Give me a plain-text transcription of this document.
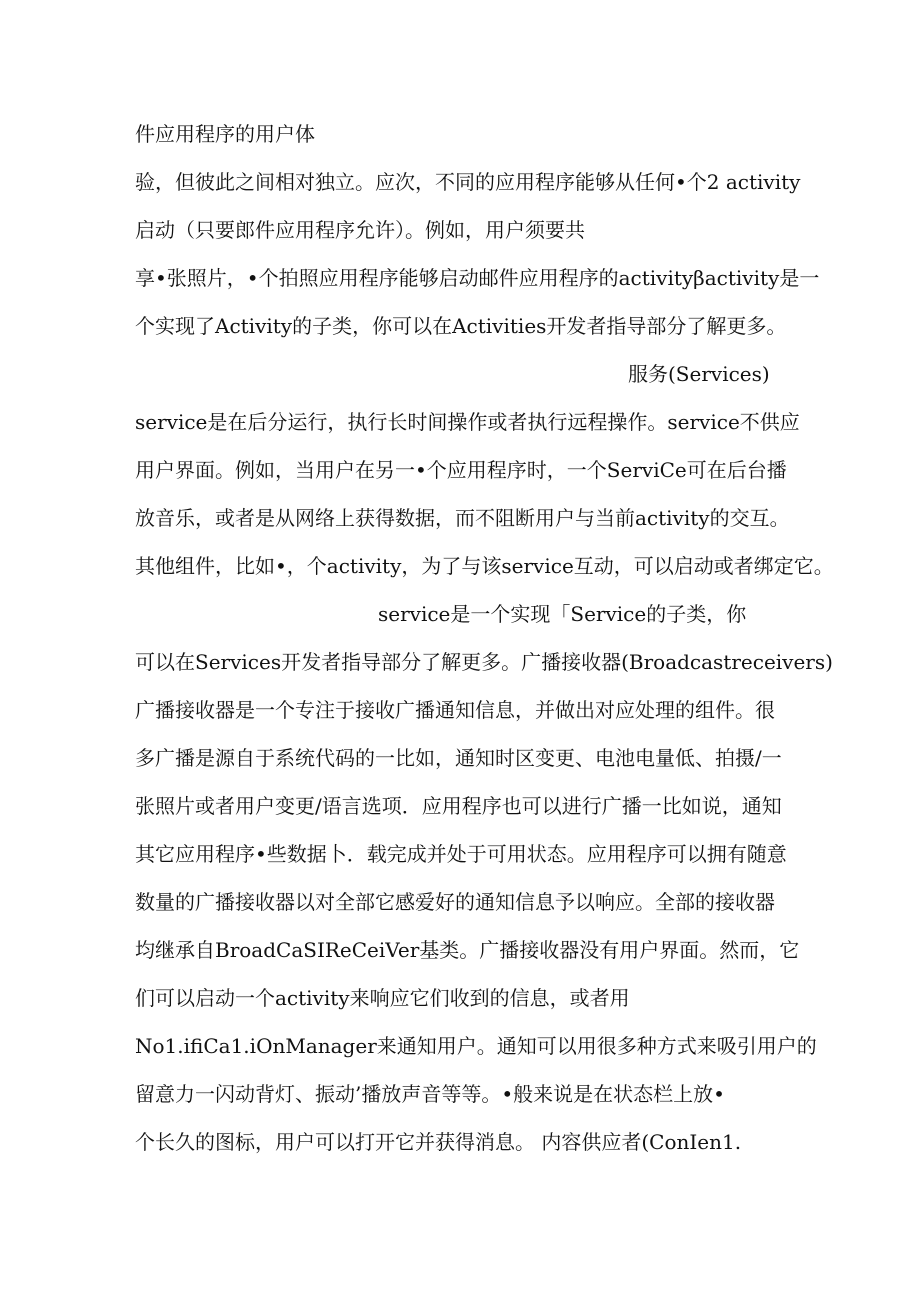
件应用程序的用户体
验，但彼此之间相对独立。应次，不同的应用程序能够从任何•个2 activity
启动（只要郎件应用程序允许）。例如，用户须要共
享•张照片，•个拍照应用程序能够启动邮件应用程序的activityβactivity是一
个实现了Activity的子类，你可以在Activities开发者指导部分了解更多。
服务(Services)
service是在后分运行，执行长时间操作或者执行远程操作。service不供应
用户界面。例如，当用户在另一•个应用程序时，一个ServiCe可在后台播
放音乐，或者是从网络上获得数据，而不阻断用户与当前activity的交互。
其他组件，比如•，个activity，为了与该service互动，可以启动或者绑定它。
service是一个实现「Service的子类，你
可以在Services开发者指导部分了解更多。广播接收器(Broadcastreceivers)
广播接收器是一个专注于接收广播通知信息，并做出对应处理的组件。很
多广播是源自于系统代码的一比如，通知时区变更、电池电量低、拍摄/一
张照片或者用户变更/语言选项．应用程序也可以进行广播一比如说，通知
其它应用程序•些数据卜．载完成并处于可用状态。应用程序可以拥有随意
数量的广播接收器以对全部它感爱好的通知信息予以响应。全部的接收器
均继承自BroadCaSIReCeiVer基类。广播接收器没有用户界面。然而，它
们可以启动一个activity来响应它们收到的信息，或者用
No1.ifiCa1.iOnManager来通知用户。通知可以用很多种方式来吸引用户的
留意力一闪动背灯、振动’播放声音等等。•般来说是在状态栏上放•
个长久的图标，用户可以打开它并获得消息。 内容供应者(ConIen1.
